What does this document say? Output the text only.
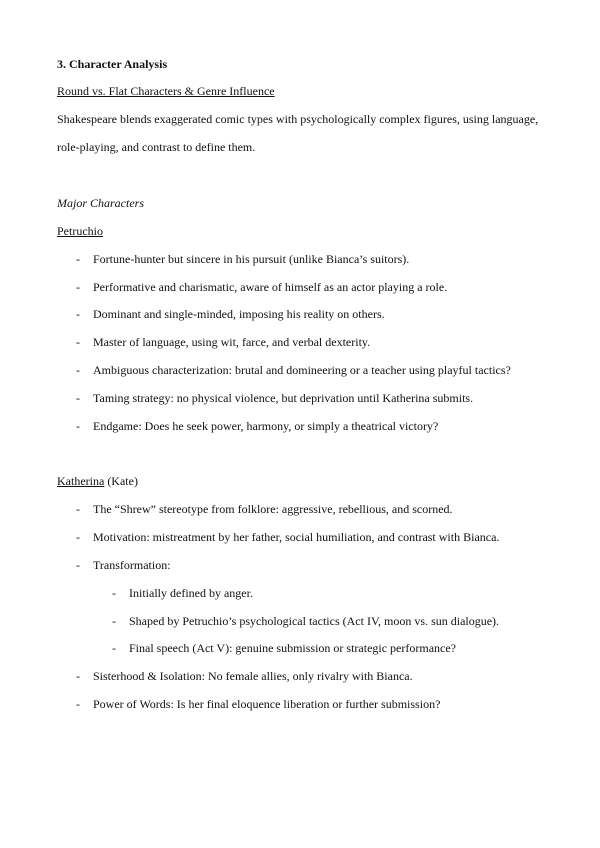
3. Character Analysis
Round vs. Flat Characters & Genre Influence
Shakespeare blends exaggerated comic types with psychologically complex figures, using language,
role-playing, and contrast to define them.
Major Characters
Petruchio
- Fortune-hunter but sincere in his pursuit (unlike Bianca’s suitors).
- Performative and charismatic, aware of himself as an actor playing a role.
- Dominant and single-minded, imposing his reality on others.
- Master of language, using wit, farce, and verbal dexterity.
- Ambiguous characterization: brutal and domineering or a teacher using playful tactics?
- Taming strategy: no physical violence, but deprivation until Katherina submits.
- Endgame: Does he seek power, harmony, or simply a theatrical victory?
Katherina (Kate)
- The “Shrew” stereotype from folklore: aggressive, rebellious, and scorned.
- Motivation: mistreatment by her father, social humiliation, and contrast with Bianca.
- Transformation:
- Initially defined by anger.
- Shaped by Petruchio’s psychological tactics (Act IV, moon vs. sun dialogue).
- Final speech (Act V): genuine submission or strategic performance?
- Sisterhood & Isolation: No female allies, only rivalry with Bianca.
- Power of Words: Is her final eloquence liberation or further submission?
